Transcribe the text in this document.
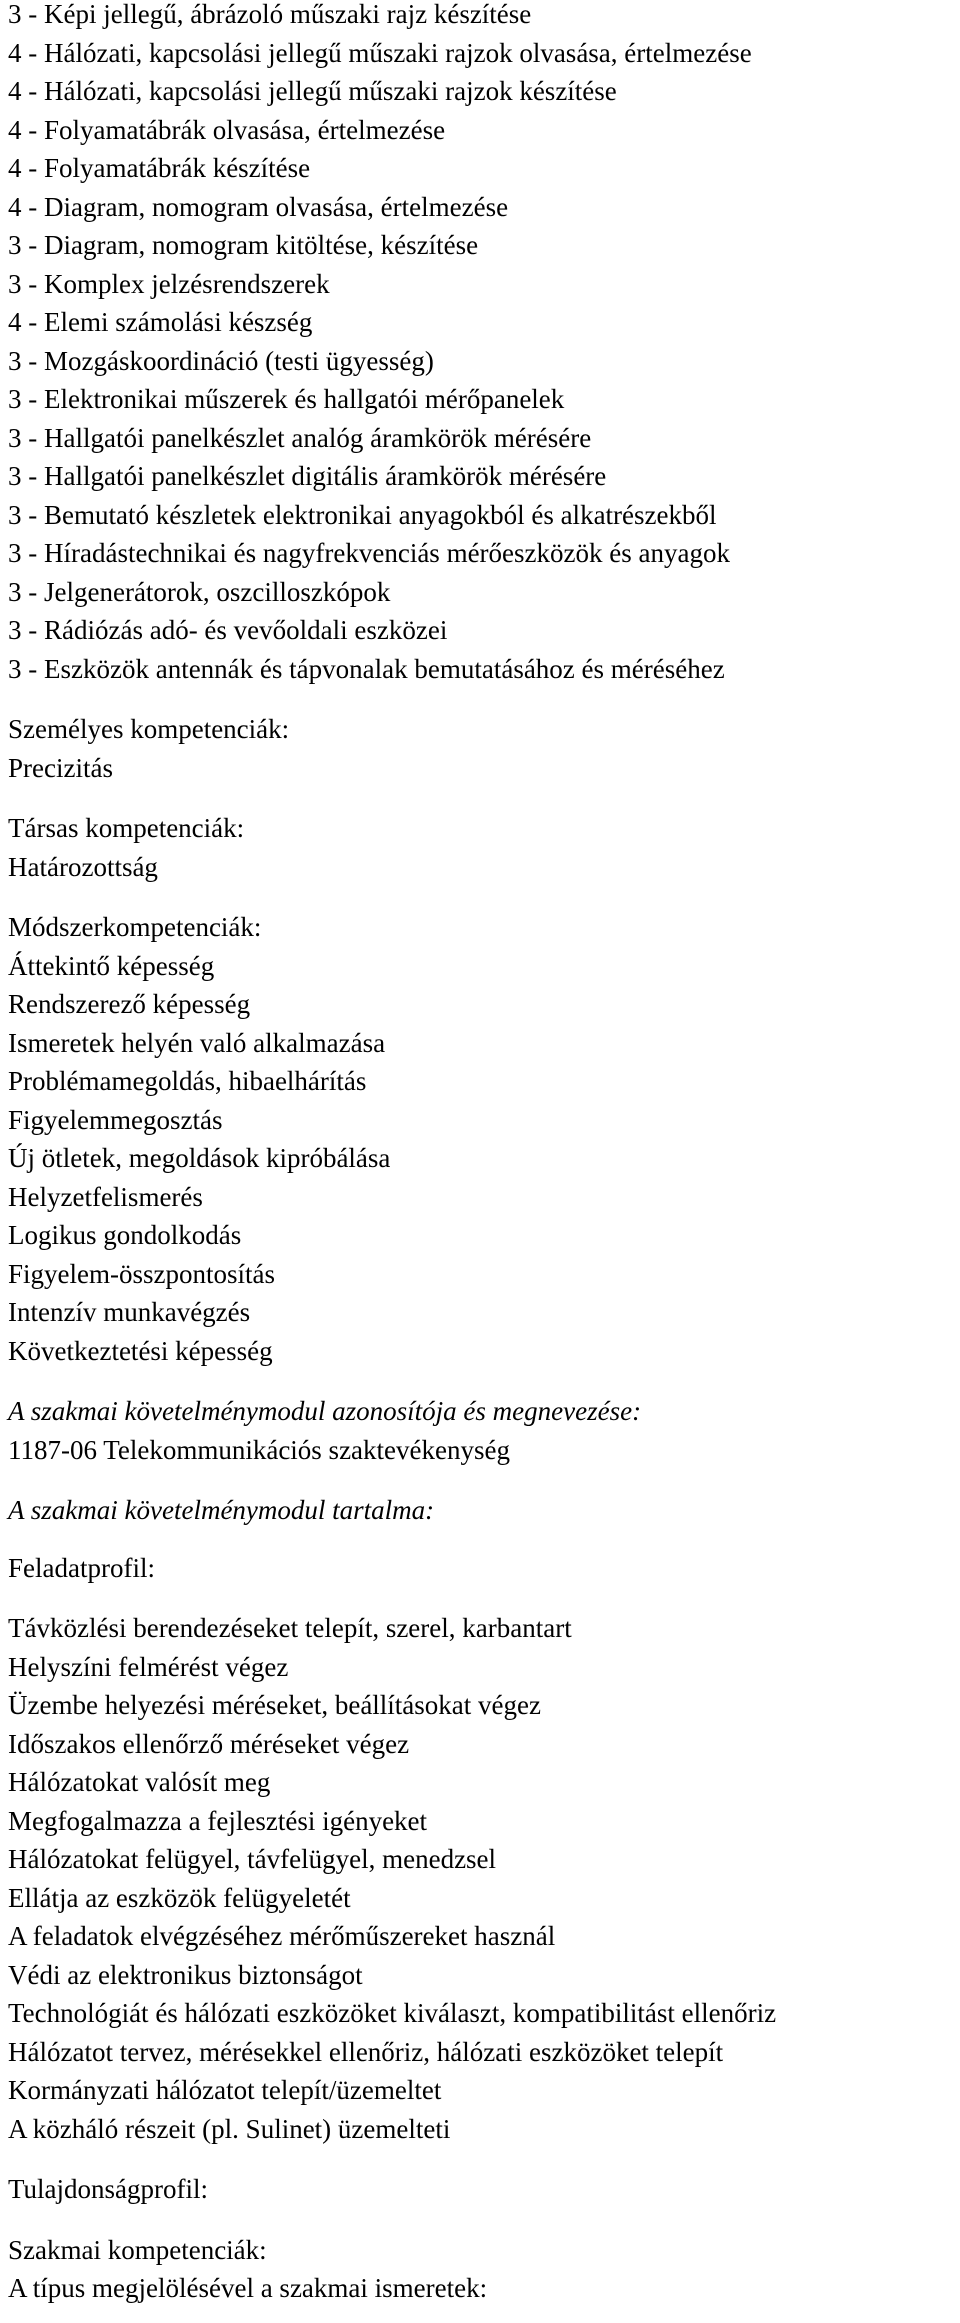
3 - Képi jellegű, ábrázoló műszaki rajz készítése
4 - Hálózati, kapcsolási jellegű műszaki rajzok olvasása, értelmezése
4 - Hálózati, kapcsolási jellegű műszaki rajzok készítése
4 - Folyamatábrák olvasása, értelmezése
4 - Folyamatábrák készítése
4 - Diagram, nomogram olvasása, értelmezése
3 - Diagram, nomogram kitöltése, készítése
3 - Komplex jelzésrendszerek
4 - Elemi számolási készség
3 - Mozgáskoordináció (testi ügyesség)
3 - Elektronikai műszerek és hallgatói mérőpanelek
3 - Hallgatói panelkészlet analóg áramkörök mérésére
3 - Hallgatói panelkészlet digitális áramkörök mérésére
3 - Bemutató készletek elektronikai anyagokból és alkatrészekből
3 - Híradástechnikai és nagyfrekvenciás mérőeszközök és anyagok
3 - Jelgenerátorok, oszcilloszkópok
3 - Rádiózás adó- és vevőoldali eszközei
3 - Eszközök antennák és tápvonalak bemutatásához és méréséhez
Személyes kompetenciák:
Precizitás
Társas kompetenciák:
Határozottság
Módszerkompetenciák:
Áttekintő képesség
Rendszerező képesség
Ismeretek helyén való alkalmazása
Problémamegoldás, hibaelhárítás
Figyelemmegosztás
Új ötletek, megoldások kipróbálása
Helyzetfelismerés
Logikus gondolkodás
Figyelem-összpontosítás
Intenzív munkavégzés
Következtetési képesség
A szakmai követelménymodul azonosítója és megnevezése:
1187-06 Telekommunikációs szaktevékenység
A szakmai követelménymodul tartalma:
Feladatprofil:
Távközlési berendezéseket telepít, szerel, karbantart
Helyszíni felmérést végez
Üzembe helyezési méréseket, beállításokat végez
Időszakos ellenőrző méréseket végez
Hálózatokat valósít meg
Megfogalmazza a fejlesztési igényeket
Hálózatokat felügyel, távfelügyel, menedzsel
Ellátja az eszközök felügyeletét
A feladatok elvégzéséhez mérőműszereket használ
Védi az elektronikus biztonságot
Technológiát és hálózati eszközöket kiválaszt, kompatibilitást ellenőriz
Hálózatot tervez, mérésekkel ellenőriz, hálózati eszközöket telepít
Kormányzati hálózatot telepít/üzemeltet
A közháló részeit (pl. Sulinet) üzemelteti
Tulajdonságprofil:
Szakmai kompetenciák:
A típus megjelölésével a szakmai ismeretek:
